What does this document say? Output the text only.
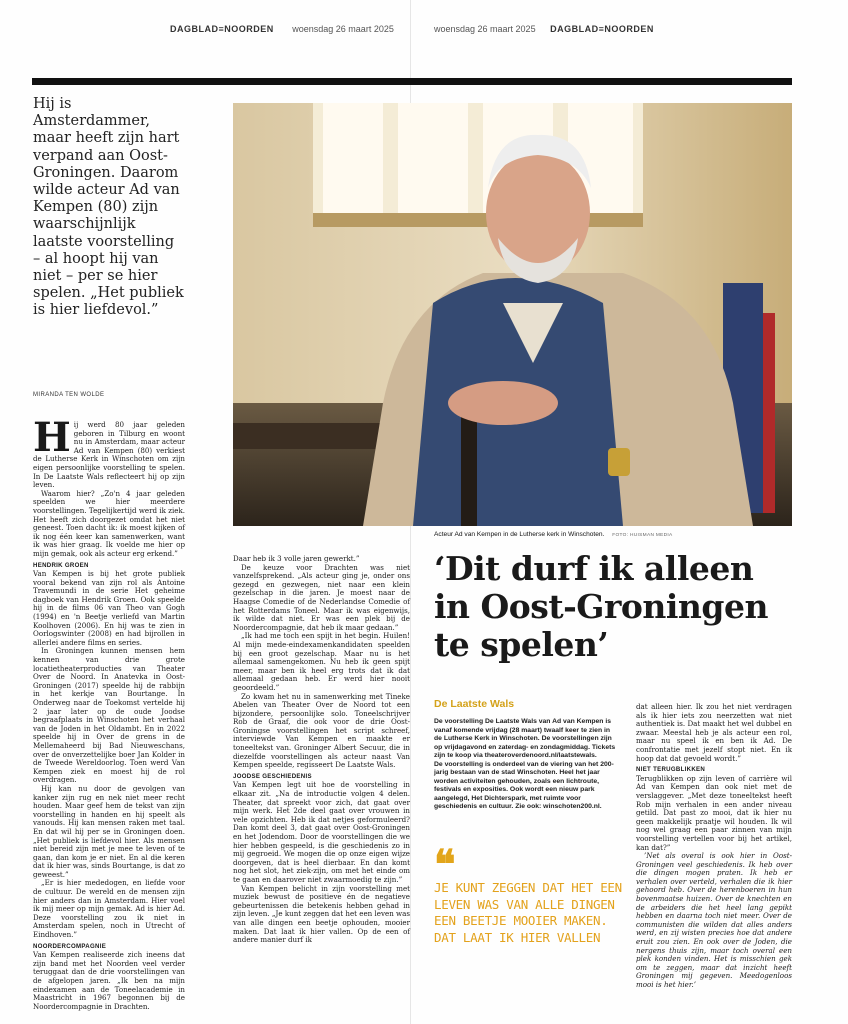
DAGBLAD≡NOORDEN woensdag 26 maart 2025	woensdag 26 maart 2025 DAGBLAD≡NOORDEN
Hij is Amsterdammer, maar heeft zijn hart verpand aan Oost-Groningen. Daarom wilde acteur Ad van Kempen (80) zijn waarschijnlijk laatste voorstelling – al hoopt hij van niet – per se hier spelen. „Het publiek is hier liefdevol.”
MIRANDA TEN WOLDE

Hij werd 80 jaar geleden geboren in Tilburg en woont nu in Amsterdam, maar acteur Ad van Kempen (80) verkiest de Lutherse Kerk in Winschoten om zijn eigen persoonlijke voorstelling te spelen. In De Laatste Wals reflecteert hij op zijn leven.

Waarom hier? „Zo'n 4 jaar geleden speelden we hier meerdere voorstellingen. Tegelijkertijd werd ik ziek. Het heeft zich doorgezet omdat het niet geneest. Toen dacht ik: ik moest kijken of ik nog één keer kan samenwerken, want ik was hier graag. Ik voelde me hier op mijn gemak, ook als acteur erg erkend.”

HENDRIK GROEN

Van Kempen is bij het grote publiek vooral bekend van zijn rol als Antoine Travemundi in de serie Het geheime dagboek van Hendrik Groen. Ook speelde hij in de films 06 van Theo van Gogh (1994) en 'n Beetje verliefd van Martin Koolhoven (2006). En hij was te zien in Oorlogswinter (2008) en had bijrollen in allerlei andere films en series.

In Groningen kunnen mensen hem kennen van drie grote locatietheaterproducties van Theater Over de Noord. In Anatevka in Oost-Groningen (2017) speelde hij de rabbijn in het kerkje van Bourtange. In Onderweg naar de Toekomst vertelde hij 2 jaar later op de oude Joodse begraafplaats in Winschoten het verhaal van de Joden in het Oldambt. En in 2022 speelde hij in Over de grens in de Mellemaheerd bij Bad Nieuweschans, over de onverzettelijke boer Jan Kolder in de Tweede Wereldoorlog. Toen werd Van Kempen ziek en moest hij de rol overdragen.

Hij kan nu door de gevolgen van kanker zijn rug en nek niet meer recht houden. Maar geef hem de tekst van zijn voorstelling in handen en hij speelt als vanouds. Hij kan mensen raken met taal. En dat wil hij per se in Groningen doen. „Het publiek is liefdevol hier. Als mensen niet bereid zijn met je mee te leven of te gaan, dan kom je er niet. En al die keren dat ik hier was, sinds Bourtange, is dat zo geweest.”

„Er is hier mededogen, en liefde voor de cultuur. De wereld en de mensen zijn hier anders dan in Amsterdam. Hier voel ik mij meer op mijn gemak. Ad is hier Ad. Deze voorstelling zou ik niet in Amsterdam spelen, noch in Utrecht of Eindhoven.”

NOORDERCOMPAGNIE

Van Kempen realiseerde zich ineens dat zijn band met het Noorden veel verder teruggaat dan de drie voorstellingen van de afgelopen jaren. „Ik ben na mijn eindexamen aan de Toneelacademie in Maastricht in 1967 begonnen bij de Noordercompagnie in Drachten.

Daar heb ik 3 volle jaren gewerkt.”

De keuze voor Drachten was niet vanzelfsprekend. „Als acteur ging je, onder ons gezegd en gezwegen, niet naar een klein gezelschap in die jaren. Je moest naar de Haagse Comedie of de Nederlandse Comedie of het Rotterdams Toneel. Maar ik was eigenwijs, ik wilde dat niet. Er was een plek bij de Noordercompagnie, dat heb ik maar gedaan.”

„Ik had me toch een spijt in het begin. Huilen! Al mijn mede-eindexamenkandidaten speelden bij een groot gezelschap. Maar nu is het allemaal samengekomen. Nu heb ik geen spijt meer, maar ben ik heel erg trots dat ik dat allemaal gedaan heb. Er werd hier nooit geoordeeld.”

Zo kwam het nu in samenwerking met Tineke Abelen van Theater Over de Noord tot een bijzondere, persoonlijke solo. Toneelschrijver Rob de Graaf, die ook voor de drie Oost-Groningse voorstellingen het script schreef, interviewde Van Kempen en maakte er toneeltekst van. Groninger Albert Secuur, die in diezelfde voorstellingen als acteur naast Van Kempen speelde, regisseert De Laatste Wals.

JOODSE GESCHIEDENIS

Van Kempen legt uit hoe de voorstelling in elkaar zit. „Na de introductie volgen 4 delen. Theater, dat spreekt voor zich, dat gaat over mijn werk. Het 2de deel gaat over vrouwen in vele opzichten. Heb ik dat netjes geformuleerd? Dan komt deel 3, dat gaat over Oost-Groningen en het Jodendom. Door de voorstellingen die we hier hebben gespeeld, is die geschiedenis zo in mij gegroeid. We mogen die op onze eigen wijze doorgeven, dat is heel dierbaar. En dan komt nog het slot, het ziek-zijn, om met het einde om te gaan en daarover niet zwaarmoedig te zijn.”

Van Kempen belicht in zijn voorstelling met muziek bewust de positieve én de negatieve gebeurtenissen die betekenis hebben gehad in zijn leven. „Je kunt zeggen dat het een leven was van alle dingen een beetje ophouden, mooier maken. Dat laat ik hier vallen. Op de een of andere manier durf ik

Acteur Ad van Kempen in de Lutherse kerk in Winschoten. FOTO: HUISMAN MEDIA
‘Dit durf ik alleen in Oost-Groningen te spelen’
De Laatste Wals
De voorstelling De Laatste Wals van Ad van Kempen is vanaf komende vrijdag (28 maart) twaalf keer te zien in de Lutherse Kerk in Winschoten. De voorstellingen zijn op vrijdagavond en zaterdag- en zondagmiddag. Tickets zijn te koop via theateroverdenoord.nl/laatstewals.
De voorstelling is onderdeel van de viering van het 200-jarig bestaan van de stad Winschoten. Heel het jaar worden activiteiten gehouden, zoals een lichtroute, festivals en exposities. Ook wordt een nieuw park aangelegd, Het Dichterspark, met ruimte voor geschiedenis en cultuur. Zie ook: winschoten200.nl.
❝
JE KUNT ZEGGEN DAT HET EEN LEVEN WAS VAN ALLE DINGEN EEN BEETJE MOOIER MAKEN. DAT LAAT IK HIER VALLEN

dat alleen hier. Ik zou het niet verdragen als ik hier iets zou neerzetten wat niet authentiek is. Dat maakt het wel dubbel en zwaar. Meestal heb je als acteur een rol, maar nu speel ik en ben ik Ad. De confrontatie met jezelf stopt niet. En ik hoop dat dat gevoeld wordt.”

NIET TERUGBLIKKEN

Terugblikken op zijn leven of carrière wil Ad van Kempen dan ook niet met de verslaggever. „Met deze toneeltekst heeft Rob mijn verhalen in een ander niveau getild. Dat past zo mooi, dat ik hier nu geen makkelijk praatje wil houden. Ik wil nog wel graag een paar zinnen van mijn voorstelling vertellen voor bij het artikel, kan dat?”

’Net als overal is ook hier in Oost-Groningen veel geschiedenis. Ik heb over die dingen mogen praten. Ik heb er verhalen over verteld, verhalen die ik hier gehoord heb. Over de herenboeren in hun bovenmaatse huizen. Over de knechten en de arbeiders die het heel lang gepikt hebben en daarna toch niet meer. Over de communisten die wilden dat alles anders werd, en zij wisten precies hoe dat andere eruit zou zien. En ook over de Joden, die nergens thuis zijn, maar toch overal een plek konden vinden. Het is misschien gek om te zeggen, maar dat inzicht heeft Groningen mij gegeven. Meedogenloos mooi is het hier.’
